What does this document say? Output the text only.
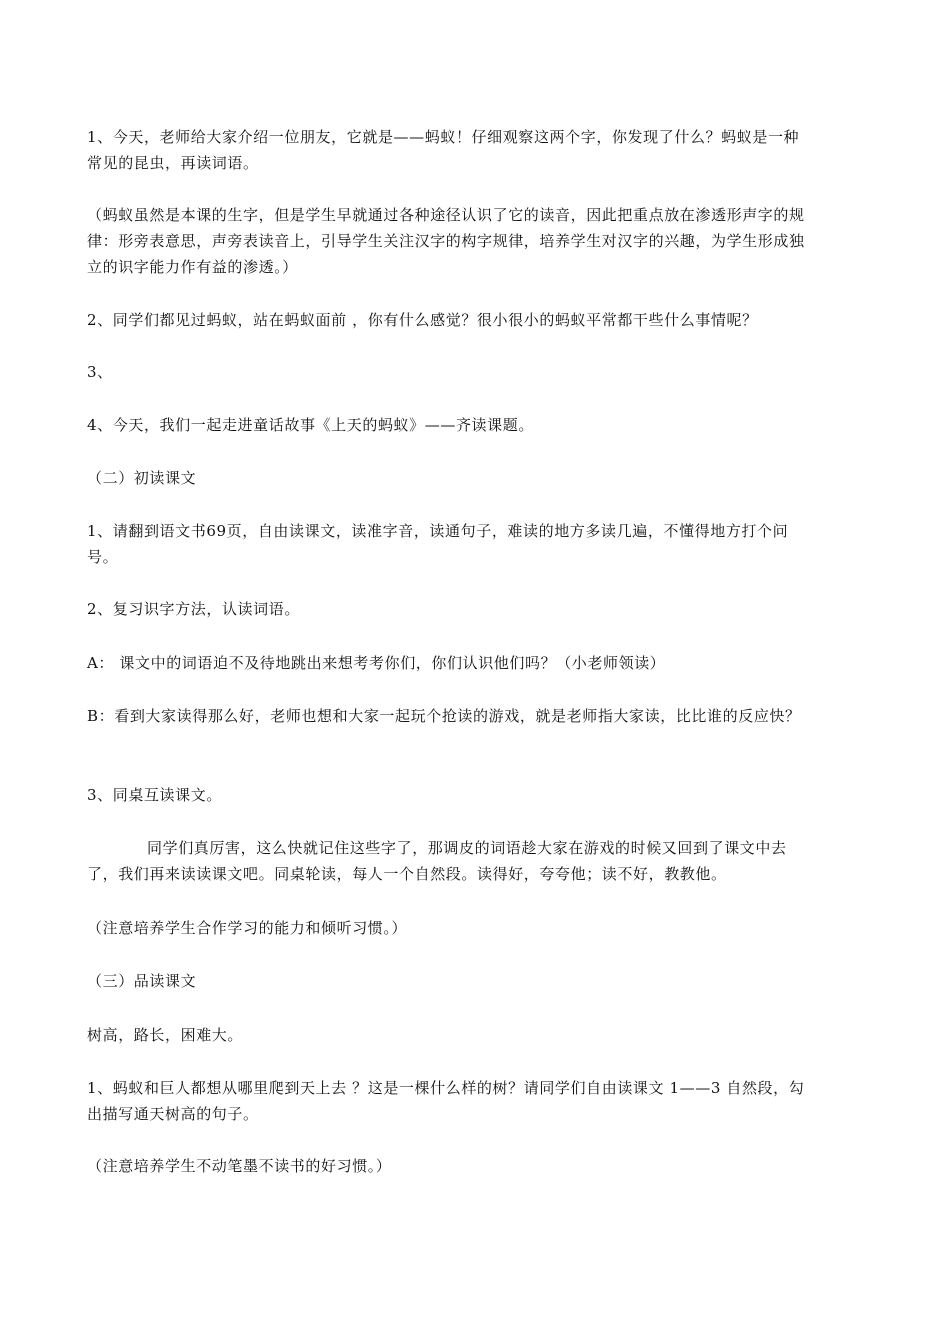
1、今天，老师给大家介绍一位朋友，它就是——蚂蚁！仔细观察这两个字，你发现了什么？蚂蚁是一种常见的昆虫，再读词语。
（蚂蚁虽然是本课的生字，但是学生早就通过各种途径认识了它的读音，因此把重点放在渗透形声字的规律：形旁表意思，声旁表读音上，引导学生关注汉字的构字规律，培养学生对汉字的兴趣，为学生形成独立的识字能力作有益的渗透。）
2、同学们都见过蚂蚁，站在蚂蚁面前 ，你有什么感觉？很小很小的蚂蚁平常都干些什么事情呢？
3、
4、今天，我们一起走进童话故事《上天的蚂蚁》——齐读课题。
（二）初读课文
1、请翻到语文书69页，自由读课文，读准字音，读通句子，难读的地方多读几遍，不懂得地方打个问号。
2、复习识字方法，认读词语。
A： 课文中的词语迫不及待地跳出来想考考你们，你们认识他们吗？（小老师领读）
B：看到大家读得那么好，老师也想和大家一起玩个抢读的游戏，就是老师指大家读，比比谁的反应快？
3、同桌互读课文。
同学们真厉害，这么快就记住这些字了，那调皮的词语趁大家在游戏的时候又回到了课文中去了，我们再来读读课文吧。同桌轮读，每人一个自然段。读得好，夸夸他；读不好，教教他。
（注意培养学生合作学习的能力和倾听习惯。）
（三）品读课文
树高，路长，困难大。
1、蚂蚁和巨人都想从哪里爬到天上去 ？这是一棵什么样的树？请同学们自由读课文 1——3 自然段，勾出描写通天树高的句子。
（注意培养学生不动笔墨不读书的好习惯。）
